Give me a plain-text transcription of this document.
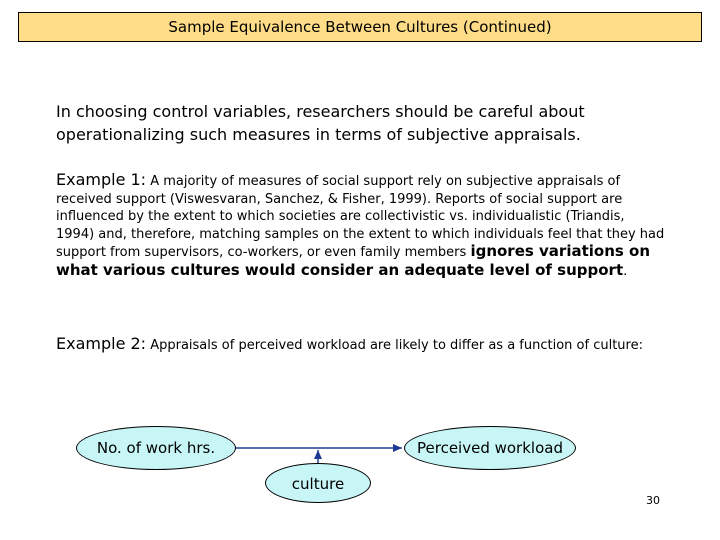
Sample Equivalence Between Cultures (Continued)
In choosing control variables, researchers should be careful about operationalizing such measures in terms of subjective appraisals.
Example 1: A majority of measures of social support rely on subjective appraisals of received support (Viswesvaran, Sanchez, & Fisher, 1999). Reports of social support are influenced by the extent to which societies are collectivistic vs. individualistic (Triandis, 1994) and, therefore, matching samples on the extent to which individuals feel that they had support from supervisors, co-workers, or even family members ignores variations on what various cultures would consider an adequate level of support.
Example 2: Appraisals of perceived workload are likely to differ as a function of culture:
No. of work hrs.	Perceived workload
culture
30
